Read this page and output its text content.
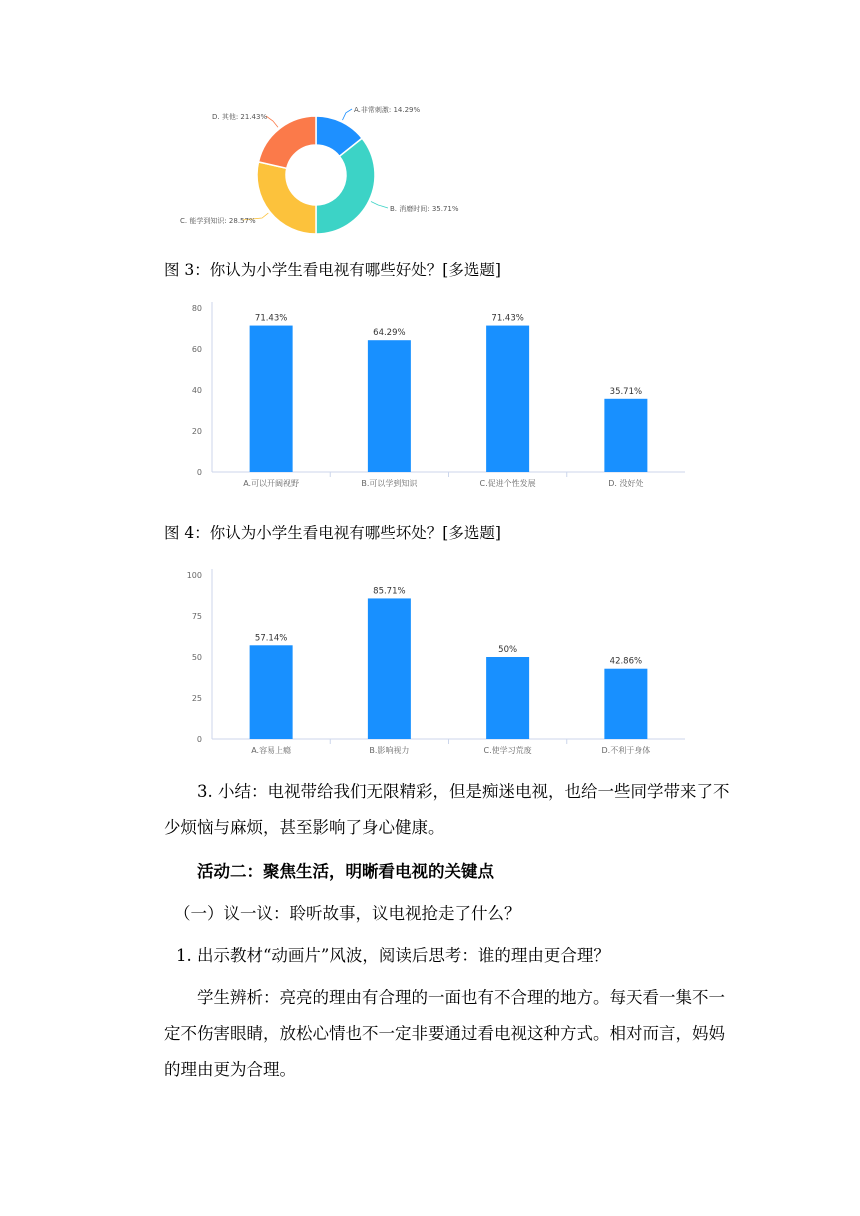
A.非常刺激: 14.29%
B. 消磨时间: 35.71%
C. 能学到知识: 28.57%
D. 其他: 21.43%
图 3：你认为小学生看电视有哪些好处？[多选题]
0
20
40
60
80
71.43%
A.可以开阔视野
64.29%
B.可以学到知识
71.43%
C.促进个性发展
35.71%
D. 没好处
图 4：你认为小学生看电视有哪些坏处？[多选题]
0
25
50
75
100
57.14%
A.容易上瘾
85.71%
B.影响视力
50%
C.使学习荒废
42.86%
D.不利于身体
3. 小结：电视带给我们无限精彩，但是痴迷电视，也给一些同学带来了不少烦恼与麻烦，甚至影响了身心健康。
活动二：聚焦生活，明晰看电视的关键点
（一）议一议：聆听故事，议电视抢走了什么？
1. 出示教材“动画片”风波，阅读后思考：谁的理由更合理？
学生辨析：亮亮的理由有合理的一面也有不合理的地方。每天看一集不一定不伤害眼睛，放松心情也不一定非要通过看电视这种方式。相对而言，妈妈的理由更为合理。
